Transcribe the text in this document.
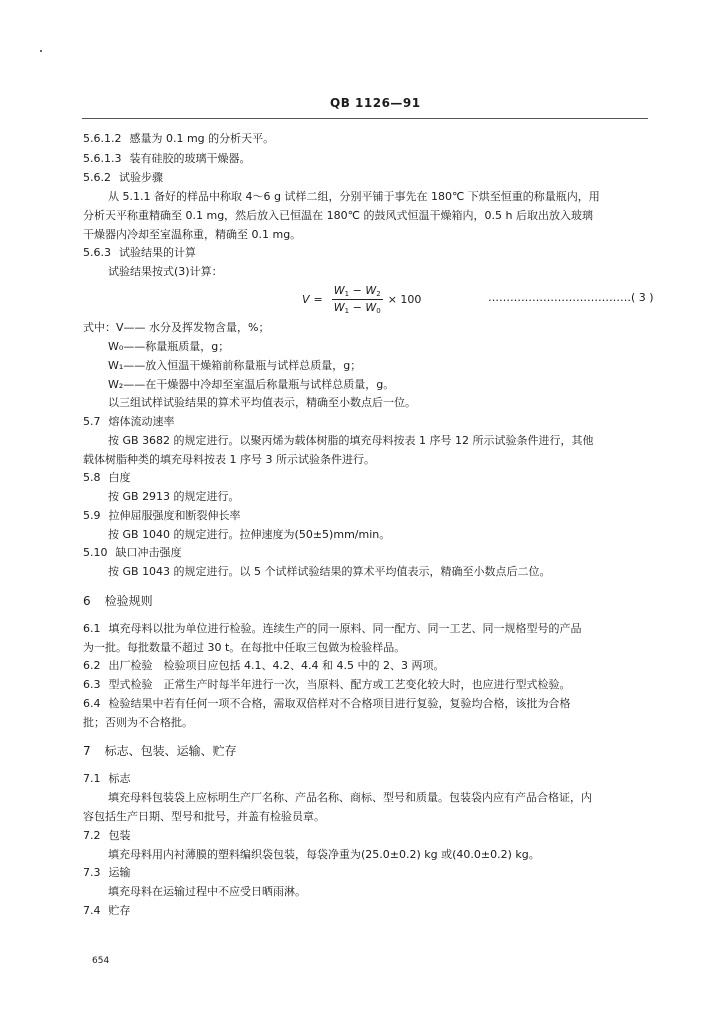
QB 1126—91
5.6.1.2 感量为 0.1 mg 的分析天平。
5.6.1.3 装有硅胶的玻璃干燥器。
5.6.2 试验步骤
从 5.1.1 备好的样品中称取 4～6 g 试样二组，分别平铺于事先在 180℃ 下烘至恒重的称量瓶内，用
分析天平称重精确至 0.1 mg，然后放入已恒温在 180℃ 的鼓风式恒温干燥箱内，0.5 h 后取出放入玻璃
干燥器内冷却至室温称重，精确至 0.1 mg。
5.6.3 试验结果的计算
试验结果按式(3)计算：
$V = \frac{W_1 - W_2}{W_1 - W_0} \times 100$	…………………………………( 3 )
式中：V—— 水分及挥发物含量，%；
W₀——称量瓶质量，g；
W₁——放入恒温干燥箱前称量瓶与试样总质量，g；
W₂——在干燥器中冷却至室温后称量瓶与试样总质量，g。
以三组试样试验结果的算术平均值表示，精确至小数点后一位。
5.7 熔体流动速率
按 GB 3682 的规定进行。以聚丙烯为载体树脂的填充母料按表 1 序号 12 所示试验条件进行，其他
载体树脂种类的填充母料按表 1 序号 3 所示试验条件进行。
5.8 白度
按 GB 2913 的规定进行。
5.9 拉伸屈服强度和断裂伸长率
按 GB 1040 的规定进行。拉伸速度为(50±5)mm/min。
5.10 缺口冲击强度
按 GB 1043 的规定进行。以 5 个试样试验结果的算术平均值表示，精确至小数点后二位。
6 检验规则
6.1 填充母料以批为单位进行检验。连续生产的同一原料、同一配方、同一工艺、同一规格型号的产品
为一批。每批数量不超过 30 t。在每批中任取三包做为检验样品。
6.2 出厂检验　检验项目应包括 4.1、4.2、4.4 和 4.5 中的 2、3 两项。
6.3 型式检验　正常生产时每半年进行一次，当原料、配方或工艺变化较大时，也应进行型式检验。
6.4 检验结果中若有任何一项不合格，需取双倍样对不合格项目进行复验，复验均合格，该批为合格
批；否则为不合格批。
7 标志、包装、运输、贮存
7.1 标志
填充母料包装袋上应标明生产厂名称、产品名称、商标、型号和质量。包装袋内应有产品合格证，内
容包括生产日期、型号和批号，并盖有检验员章。
7.2 包装
填充母料用内衬薄膜的塑料编织袋包装，每袋净重为(25.0±0.2) kg 或(40.0±0.2) kg。
7.3 运输
填充母料在运输过程中不应受日晒雨淋。
7.4 贮存
654
